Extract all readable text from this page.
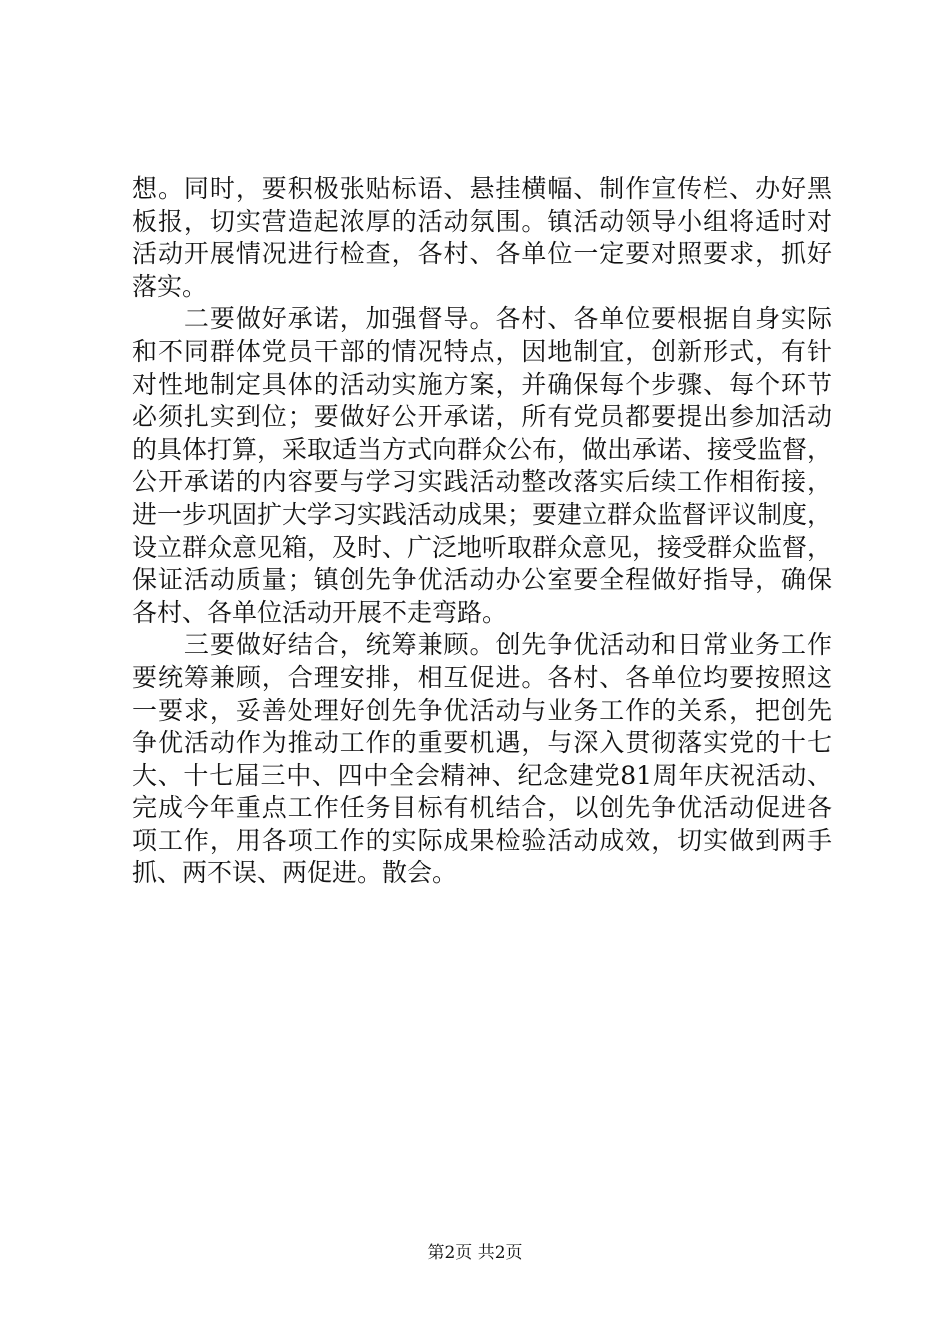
想。同时，要积极张贴标语、悬挂横幅、制作宣传栏、办好黑
板报，切实营造起浓厚的活动氛围。镇活动领导小组将适时对
活动开展情况进行检查，各村、各单位一定要对照要求，抓好
落实。
　　二要做好承诺，加强督导。各村、各单位要根据自身实际
和不同群体党员干部的情况特点，因地制宜，创新形式，有针
对性地制定具体的活动实施方案，并确保每个步骤、每个环节
必须扎实到位；要做好公开承诺，所有党员都要提出参加活动
的具体打算，采取适当方式向群众公布，做出承诺、接受监督，
公开承诺的内容要与学习实践活动整改落实后续工作相衔接，
进一步巩固扩大学习实践活动成果；要建立群众监督评议制度，
设立群众意见箱，及时、广泛地听取群众意见，接受群众监督，
保证活动质量；镇创先争优活动办公室要全程做好指导，确保
各村、各单位活动开展不走弯路。
　　三要做好结合，统筹兼顾。创先争优活动和日常业务工作
要统筹兼顾，合理安排，相互促进。各村、各单位均要按照这
一要求，妥善处理好创先争优活动与业务工作的关系，把创先
争优活动作为推动工作的重要机遇，与深入贯彻落实党的十七
大、十七届三中、四中全会精神、纪念建党81周年庆祝活动、
完成今年重点工作任务目标有机结合，以创先争优活动促进各
项工作，用各项工作的实际成果检验活动成效，切实做到两手
抓、两不误、两促进。散会。
第2页 共2页
